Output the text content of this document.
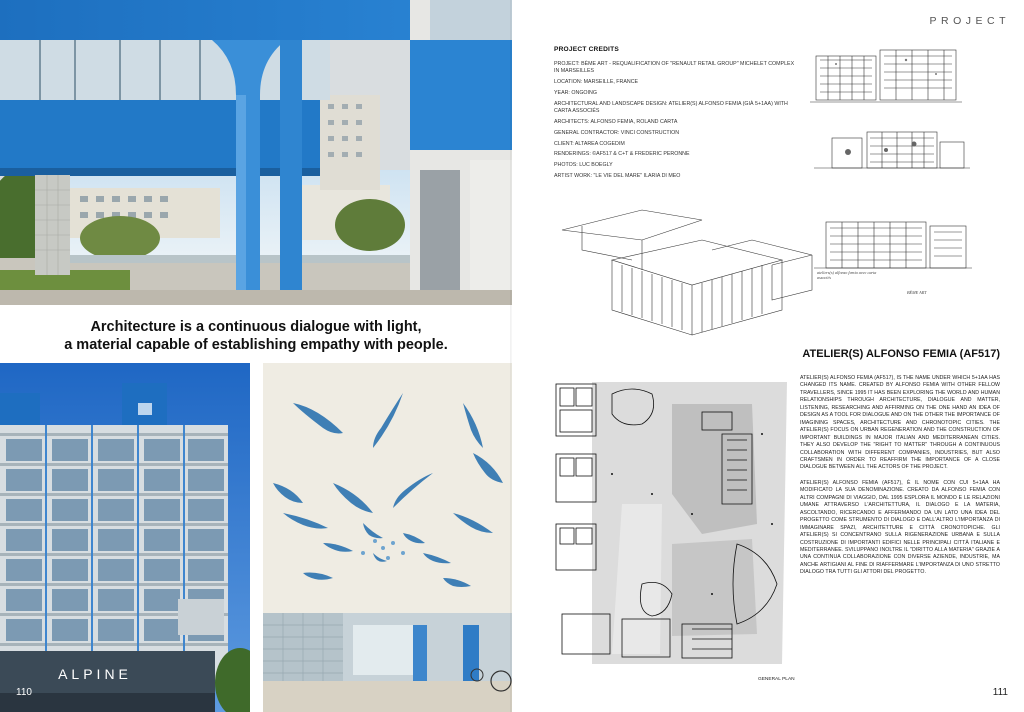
Architecture is a continuous dialogue with light,
a material capable of establishing empathy with people.
ALPINE
110
PROJECT
PROJECT CREDITS
PROJECT: BÈME ART - REQUALIFICATION OF "RENAULT RETAIL GROUP" MICHELET COMPLEX IN MARSEILLES
LOCATION: MARSEILLE, FRANCE
YEAR: ONGOING
ARCHITECTURAL AND LANDSCAPE DESIGN: ATELIER(S) ALFONSO FEMIA (GIÀ 5+1AA) WITH CARTA ASSOCIÉS
ARCHITECTS: ALFONSO FEMIA, ROLAND CARTA
GENERAL CONTRACTOR: VINCI CONSTRUCTION
CLIENT: ALTAREA COGEDIM
RENDERINGS: ©AF517 & C+T & FREDERIC PERONNE
PHOTOS: LUC BOEGLY
ARTIST WORK: "LE VIE DEL MARE" ILARIA DI MEO
ateliers(s) alfonso femia avec carta associés
BÈME ART
GENERAL PLAN
ATELIER(S) ALFONSO FEMIA (AF517)

ATELIER(S) ALFONSO FEMIA (AF517), IS THE NAME UNDER WHICH 5+1AA HAS CHANGED ITS NAME. CREATED BY ALFONSO FEMIA WITH OTHER FELLOW TRAVELLERS, SINCE 1995 IT HAS BEEN EXPLORING THE WORLD AND HUMAN RELATIONSHIPS THROUGH ARCHITECTURE, DIALOGUE AND MATTER, LISTENING, RESEARCHING AND AFFIRMING ON THE ONE HAND AN IDEA OF DESIGN AS A TOOL FOR DIALOGUE AND ON THE OTHER THE IMPORTANCE OF IMAGINING SPACES, ARCHITECTURE AND CHRONOTOPIC CITIES. THE ATELIER(S) FOCUS ON URBAN REGENERATION AND THE CONSTRUCTION OF IMPORTANT BUILDINGS IN MAJOR ITALIAN AND MEDITERRANEAN CITIES. THEY ALSO DEVELOP THE "RIGHT TO MATTER" THROUGH A CONTINUOUS COLLABORATION WITH DIFFERENT COMPANIES, INDUSTRIES, BUT ALSO CRAFTSMEN IN ORDER TO REAFFIRM THE IMPORTANCE OF A CLOSE DIALOGUE BETWEEN ALL THE ACTORS OF THE PROJECT.

ATELIER(S) ALFONSO FEMIA (AF517), È IL NOME CON CUI 5+1AA HA MODIFICATO LA SUA DENOMINAZIONE. CREATO DA ALFONSO FEMIA CON ALTRI COMPAGNI DI VIAGGIO, DAL 1995 ESPLORA IL MONDO E LE RELAZIONI UMANE ATTRAVERSO L'ARCHITETTURA, IL DIALOGO E LA MATERIA, ASCOLTANDO, RICERCANDO E AFFERMANDO DA UN LATO UNA IDEA DEL PROGETTO COME STRUMENTO DI DIALOGO E DALL'ALTRO L'IMPORTANZA DI IMMAGINARE SPAZI, ARCHITETTURE E CITTÀ CRONOTOPICHE. GLI ATELIER(S) SI CONCENTRANO SULLA RIGENERAZIONE URBANA E SULLA COSTRUZIONE DI IMPORTANTI EDIFICI NELLE PRINCIPALI CITTÀ ITALIANE E MEDITERRANEE. SVILUPPANO INOLTRE IL "DIRITTO ALLA MATERIA" GRAZIE A UNA CONTINUA COLLABORAZIONE CON DIVERSE AZIENDE, INDUSTRIE, MA ANCHE ARTIGIANI AL FINE DI RIAFFERMARE L'IMPORTANZA DI UNO STRETTO DIALOGO TRA TUTTI GLI ATTORI DEL PROGETTO.

111
